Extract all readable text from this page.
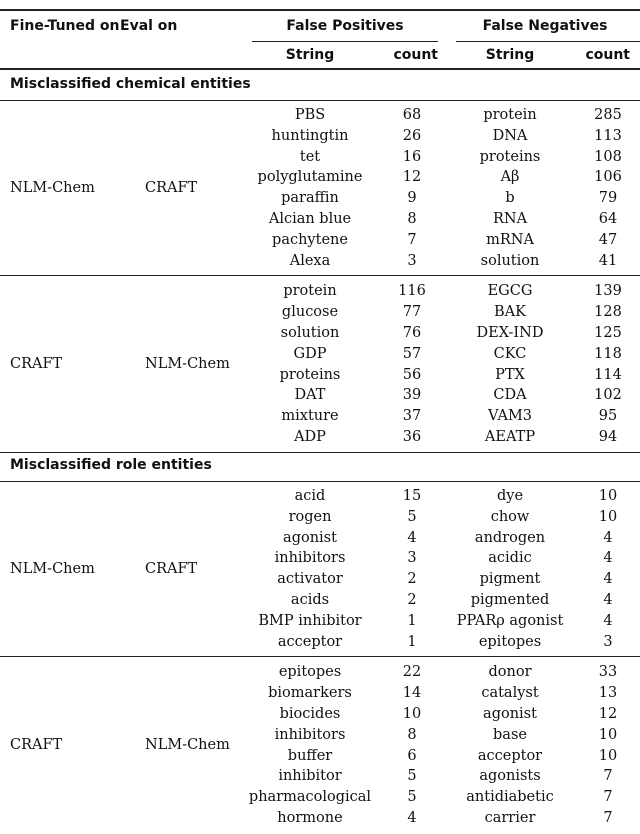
Fine-Tuned on Eval on	False Positives	False Negatives
String	count	String	count
Misclassified chemical entities
NLM-Chem	CRAFT
PBS	68	protein	285
huntingtin	26	DNA	113
tet	16	proteins	108
polyglutamine	12	Aβ	106
paraffin	9	b	79
Alcian blue	8	RNA	64
pachytene	7	mRNA	47
Alexa	3	solution	41
CRAFT	NLM-Chem
protein	116	EGCG	139
glucose	77	BAK	128
solution	76	DEX-IND	125
GDP	57	CKC	118
proteins	56	PTX	114
DAT	39	CDA	102
mixture	37	VAM3	95
ADP	36	AEATP	94
Misclassified role entities
NLM-Chem	CRAFT
acid	15	dye	10
rogen	5	chow	10
agonist	4	androgen	4
inhibitors	3	acidic	4
activator	2	pigment	4
acids	2	pigmented	4
BMP inhibitor	1	PPARρ agonist	4
acceptor	1	epitopes	3
CRAFT	NLM-Chem
epitopes	22	donor	33
biomarkers	14	catalyst	13
biocides	10	agonist	12
inhibitors	8	base	10
buffer	6	acceptor	10
inhibitor	5	agonists	7
pharmacological	5	antidiabetic	7
hormone	4	carrier	7
